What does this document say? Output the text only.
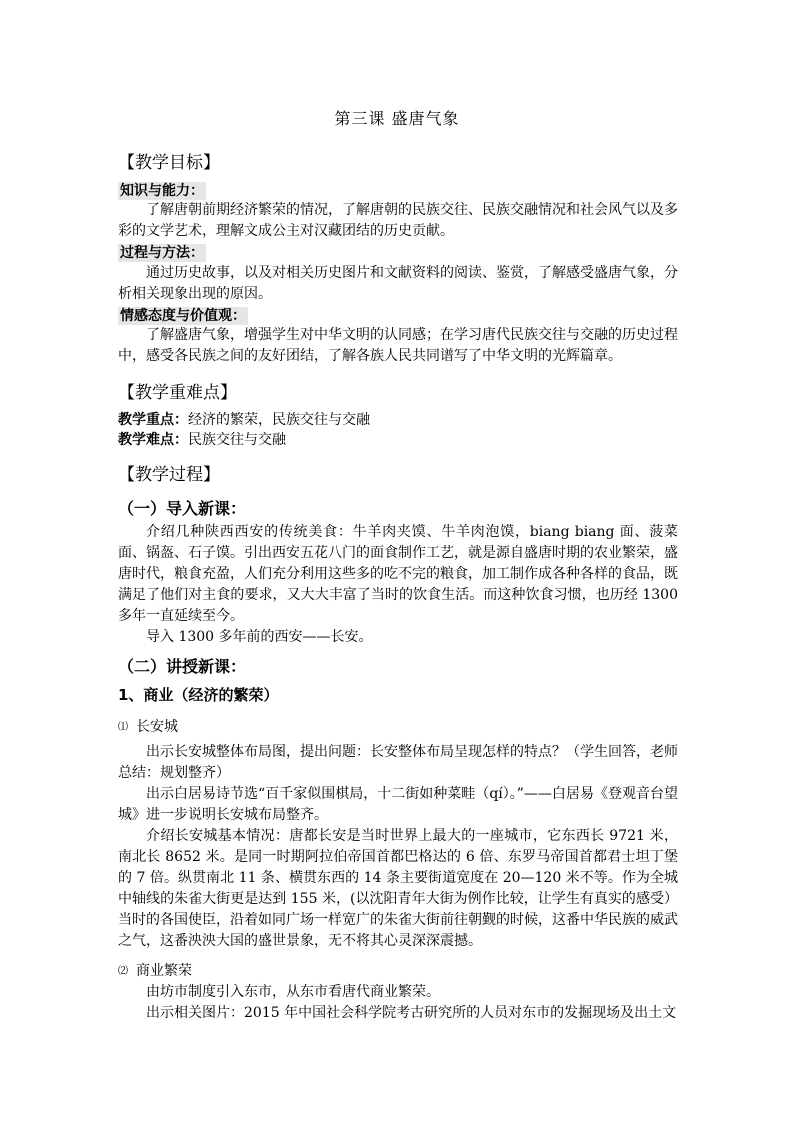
第三课 盛唐气象
【教学目标】
知识与能力：

了解唐朝前期经济繁荣的情况，了解唐朝的民族交往、民族交融情况和社会风气以及多彩的文学艺术，理解文成公主对汉藏团结的历史贡献。

过程与方法：

通过历史故事，以及对相关历史图片和文献资料的阅读、鉴赏，了解感受盛唐气象，分析相关现象出现的原因。

情感态度与价值观：

了解盛唐气象，增强学生对中华文明的认同感；在学习唐代民族交往与交融的历史过程中，感受各民族之间的友好团结，了解各族人民共同谱写了中华文明的光辉篇章。

【教学重难点】
教学重点：经济的繁荣，民族交往与交融
教学难点：民族交往与交融
【教学过程】
（一）导入新课：

介绍几种陕西西安的传统美食：牛羊肉夹馍、牛羊肉泡馍，biang biang 面、菠菜面、锅盔、石子馍。引出西安五花八门的面食制作工艺，就是源自盛唐时期的农业繁荣，盛唐时代，粮食充盈，人们充分利用这些多的吃不完的粮食，加工制作成各种各样的食品，既满足了他们对主食的要求，又大大丰富了当时的饮食生活。而这种饮食习惯，也历经 1300 多年一直延续至今。

导入 1300 多年前的西安——长安。

（二）讲授新课：
1、商业（经济的繁荣）
⑴ 长安城

出示长安城整体布局图，提出问题：长安整体布局呈现怎样的特点？（学生回答，老师总结：规划整齐）

出示白居易诗节选“百千家似围棋局，十二街如种菜畦（qí）。”——白居易《登观音台望城》进一步说明长安城布局整齐。

介绍长安城基本情况：唐都长安是当时世界上最大的一座城市，它东西长 9721 米，南北长 8652 米。是同一时期阿拉伯帝国首都巴格达的 6 倍、东罗马帝国首都君士坦丁堡的 7 倍。纵贯南北 11 条、横贯东西的 14 条主要街道宽度在 20—120 米不等。作为全城中轴线的朱雀大街更是达到 155 米，(以沈阳青年大街为例作比较，让学生有真实的感受）当时的各国使臣，沿着如同广场一样宽广的朱雀大街前往朝觐的时候，这番中华民族的威武之气，这番泱泱大国的盛世景象，无不将其心灵深深震撼。

⑵ 商业繁荣

由坊市制度引入东市，从东市看唐代商业繁荣。

出示相关图片：2015 年中国社会科学院考古研究所的人员对东市的发掘现场及出土文
